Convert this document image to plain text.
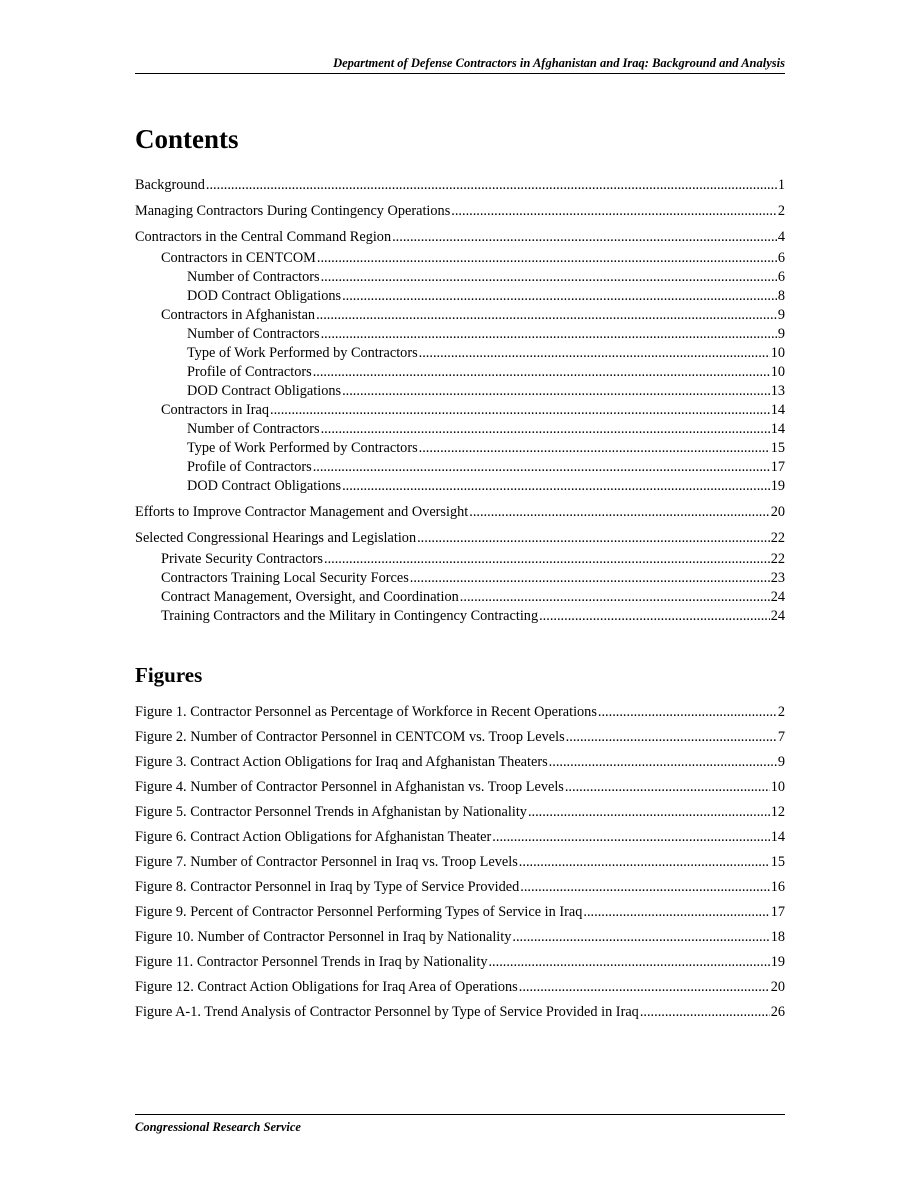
Department of Defense Contractors in Afghanistan and Iraq: Background and Analysis
Contents
Background .....	1
Managing Contractors During Contingency Operations .....	2
Contractors in the Central Command Region .....	4
Contractors in CENTCOM .....	6
Number of Contractors .....	6
DOD Contract Obligations .....	8
Contractors in Afghanistan .....	9
Number of Contractors .....	9
Type of Work Performed by Contractors .....	10
Profile of Contractors .....	10
DOD Contract Obligations .....	13
Contractors in Iraq .....	14
Number of Contractors .....	14
Type of Work Performed by Contractors .....	15
Profile of Contractors .....	17
DOD Contract Obligations .....	19
Efforts to Improve Contractor Management and Oversight .....	20
Selected Congressional Hearings and Legislation .....	22
Private Security Contractors .....	22
Contractors Training Local Security Forces .....	23
Contract Management, Oversight, and Coordination .....	24
Training Contractors and the Military in Contingency Contracting .....	24
Figures
Figure 1. Contractor Personnel as Percentage of Workforce in Recent Operations .....	2
Figure 2. Number of Contractor Personnel in CENTCOM vs. Troop Levels .....	7
Figure 3. Contract Action Obligations for Iraq and Afghanistan Theaters .....	9
Figure 4. Number of Contractor Personnel in Afghanistan vs. Troop Levels .....	10
Figure 5. Contractor Personnel Trends in Afghanistan by Nationality .....	12
Figure 6. Contract Action Obligations for Afghanistan Theater .....	14
Figure 7. Number of Contractor Personnel in Iraq vs. Troop Levels .....	15
Figure 8. Contractor Personnel in Iraq by Type of Service Provided .....	16
Figure 9. Percent of Contractor Personnel Performing Types of Service in Iraq .....	17
Figure 10. Number of Contractor Personnel in Iraq by Nationality .....	18
Figure 11. Contractor Personnel Trends in Iraq by Nationality .....	19
Figure 12. Contract Action Obligations for Iraq Area of Operations .....	20
Figure A-1. Trend Analysis of Contractor Personnel by Type of Service Provided in Iraq .....	26
Congressional Research Service
